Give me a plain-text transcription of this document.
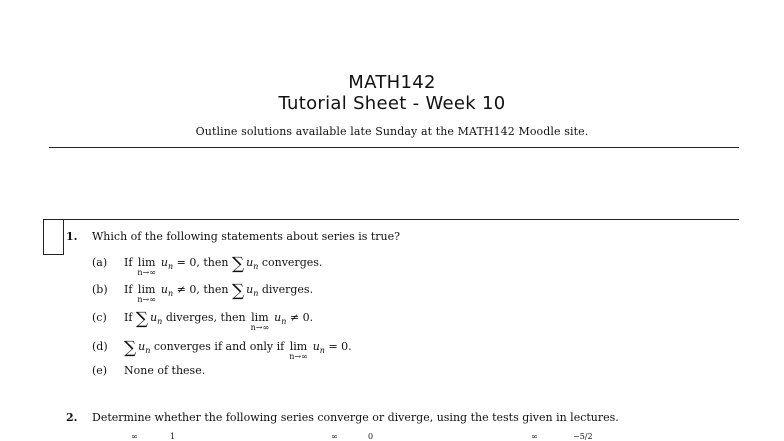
MATH142
Tutorial Sheet - Week 10
Outline solutions available late Sunday at the MATH142 Moodle site.
1. Which of the following statements about series is true?
(a) If lim
n→∞
$u_n = 0$, then ∑ $u_n$ converges.
(b) If lim
n→∞
$u_n \ne 0$, then ∑ $u_n$ diverges.
(c) If ∑ $u_n$ diverges, then lim
n→∞
$u_n \ne 0$.
(d) ∑ $u_n$ converges if and only if lim
n→∞
$u_n = 0$.
(e) None of these.
2. Determine whether the following series converge or diverge, using the tests given in lectures.
∞	1	∞	0	∞	−5/2
